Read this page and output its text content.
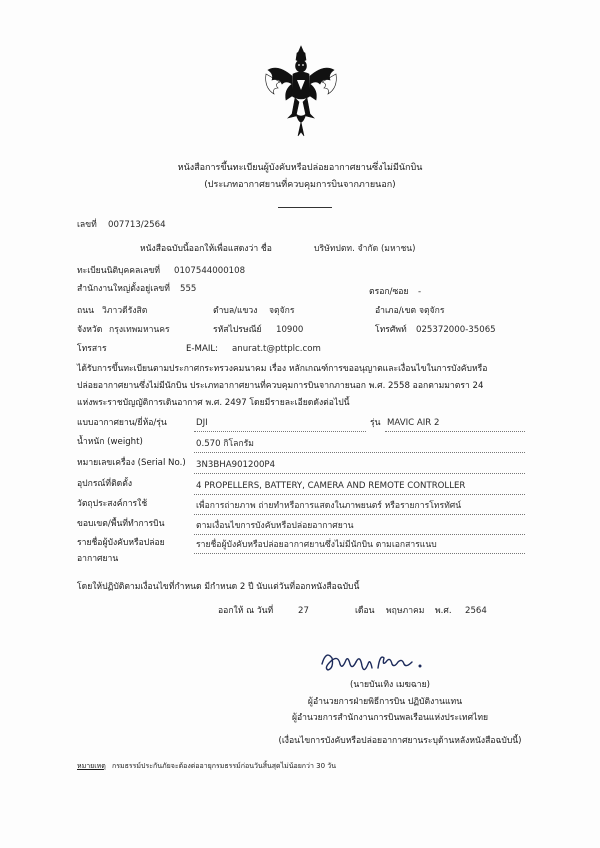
หนังสือการขึ้นทะเบียนผู้บังคับหรือปล่อยอากาศยานซึ่งไม่มีนักบิน
(ประเภทอากาศยานที่ควบคุมการบินจากภายนอก)
เลขที่ 007713/2564
หนังสือฉบับนี้ออกให้เพื่อแสดงว่า ชื่อ	บริษัทปตท. จำกัด (มหาชน)
ทะเบียนนิติบุคคลเลขที่ 0107544000108
สำนักงานใหญ่ตั้งอยู่เลขที่ 555	ตรอก/ซอย -
ถนน วิภาวดีรังสิต	ตำบล/แขวง จตุจักร	อำเภอ/เขต จตุจักร
จังหวัด กรุงเทพมหานคร	รหัสไปรษณีย์ 10900	โทรศัพท์ 025372000-35065
โทรสาร	E-MAIL: anurat.t@pttplc.com
ได้รับการขึ้นทะเบียนตามประกาศกระทรวงคมนาคม เรื่อง หลักเกณฑ์การขออนุญาตและเงื่อนไขในการบังคับหรือ
ปล่อยอากาศยานซึ่งไม่มีนักบิน ประเภทอากาศยานที่ควบคุมการบินจากภายนอก พ.ศ. 2558 ออกตามมาตรา 24
แห่งพระราชบัญญัติการเดินอากาศ พ.ศ. 2497 โดยมีรายละเอียดดังต่อไปนี้
แบบอากาศยาน/ยี่ห้อ/รุ่น	DJI	รุ่น MAVIC AIR 2
น้ำหนัก (weight)	0.570 กิโลกรัม
หมายเลขเครื่อง (Serial No.) 3N3BHA901200P4
อุปกรณ์ที่ติดตั้ง	4 PROPELLERS, BATTERY, CAMERA AND REMOTE CONTROLLER
วัตถุประสงค์การใช้	เพื่อการถ่ายภาพ ถ่ายทำหรือการแสดงในภาพยนตร์ หรือรายการโทรทัศน์
ขอบเขต/พื้นที่ทำการบิน	ตามเงื่อนไขการบังคับหรือปล่อยอากาศยาน
รายชื่อผู้บังคับหรือปล่อย
อากาศยาน
รายชื่อผู้บังคับหรือปล่อยอากาศยานซึ่งไม่มีนักบิน ตามเอกสารแนบ
โดยให้ปฏิบัติตามเงื่อนไขที่กำหนด มีกำหนด 2 ปี นับแต่วันที่ออกหนังสือฉบับนี้
ออกให้ ณ วันที่	27	เดือน พฤษภาคม พ.ศ. 2564
(นายบันเทิง เมฆฉาย)
ผู้อำนวยการฝ่ายพิธีการบิน ปฏิบัติงานแทน
ผู้อำนวยการสำนักงานการบินพลเรือนแห่งประเทศไทย
(เงื่อนไขการบังคับหรือปล่อยอากาศยานระบุด้านหลังหนังสือฉบับนี้)
หมายเหตุ กรมธรรม์ประกันภัยจะต้องต่ออายุกรมธรรม์ก่อนวันสิ้นสุดไม่น้อยกว่า 30 วัน
